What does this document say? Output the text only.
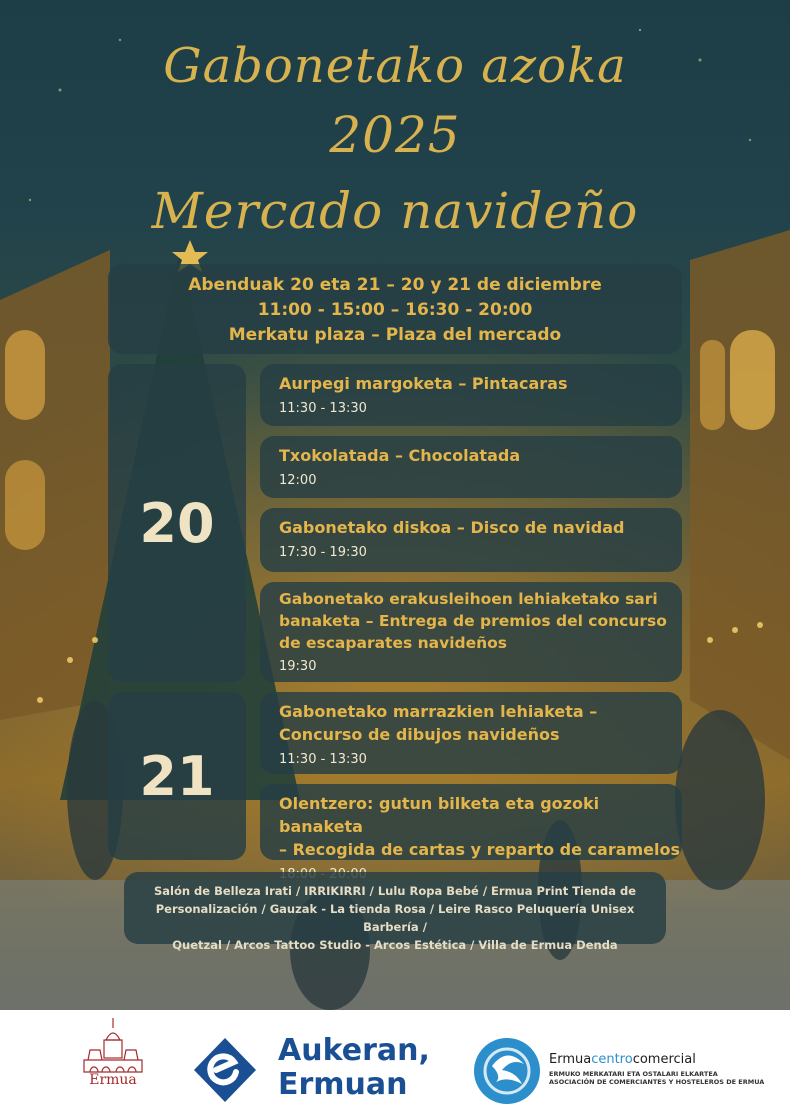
Gabonetako azoka
2025
Mercado navideño
Abenduak 20 eta 21 – 20 y 21 de diciembre
11:00 - 15:00 – 16:30 - 20:00
Merkatu plaza – Plaza del mercado
20
Aurpegi margoketa – Pintacaras
11:30 - 13:30
Txokolatada – Chocolatada
12:00
Gabonetako diskoa – Disco de navidad
17:30 - 19:30
Gabonetako erakusleihoen lehiaketako sari
banaketa – Entrega de premios del concurso
de escaparates navideños
19:30
21
Gabonetako marrazkien lehiaketa –
Concurso de dibujos navideños
11:30 - 13:30
Olentzero: gutun bilketa eta gozoki banaketa
– Recogida de cartas y reparto de caramelos
Salón de Belleza Irati / IRRIKIRRI / Lulu Ropa Bebé / Ermua Print Tienda de
Personalización / Gauzak - La tienda Rosa / Leire Rasco Peluquería Unisex Barbería /
Quetzal / Arcos Tattoo Studio - Arcos Estética / Villa de Ermua Denda
Ermua
Aukeran,
Ermuan
Ermuacentrocomercial
ERMUKO MERKATARI ETA OSTALARI ELKARTEA
ASOCIACIÓN DE COMERCIANTES Y HOSTELEROS DE ERMUA
